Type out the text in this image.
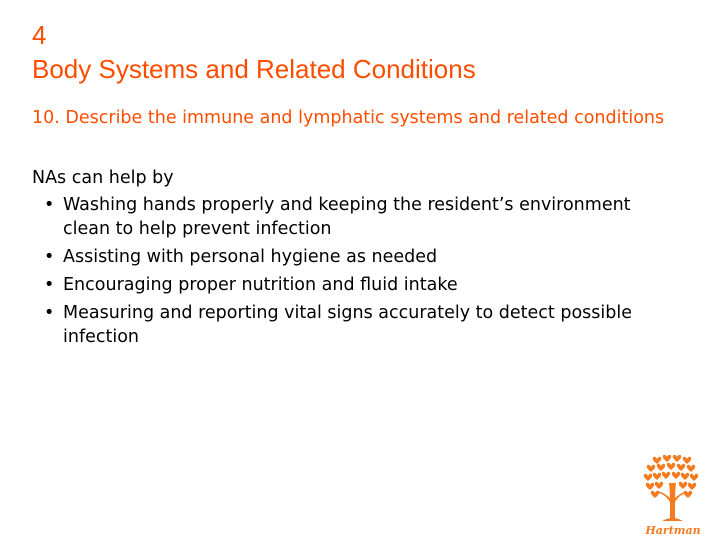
4
Body Systems and Related Conditions
10. Describe the immune and lymphatic systems and related conditions
NAs can help by
• Washing hands properly and keeping the resident’s environment clean to help prevent infection
• Assisting with personal hygiene as needed
• Encouraging proper nutrition and fluid intake
• Measuring and reporting vital signs accurately to detect possible infection
Hartman
